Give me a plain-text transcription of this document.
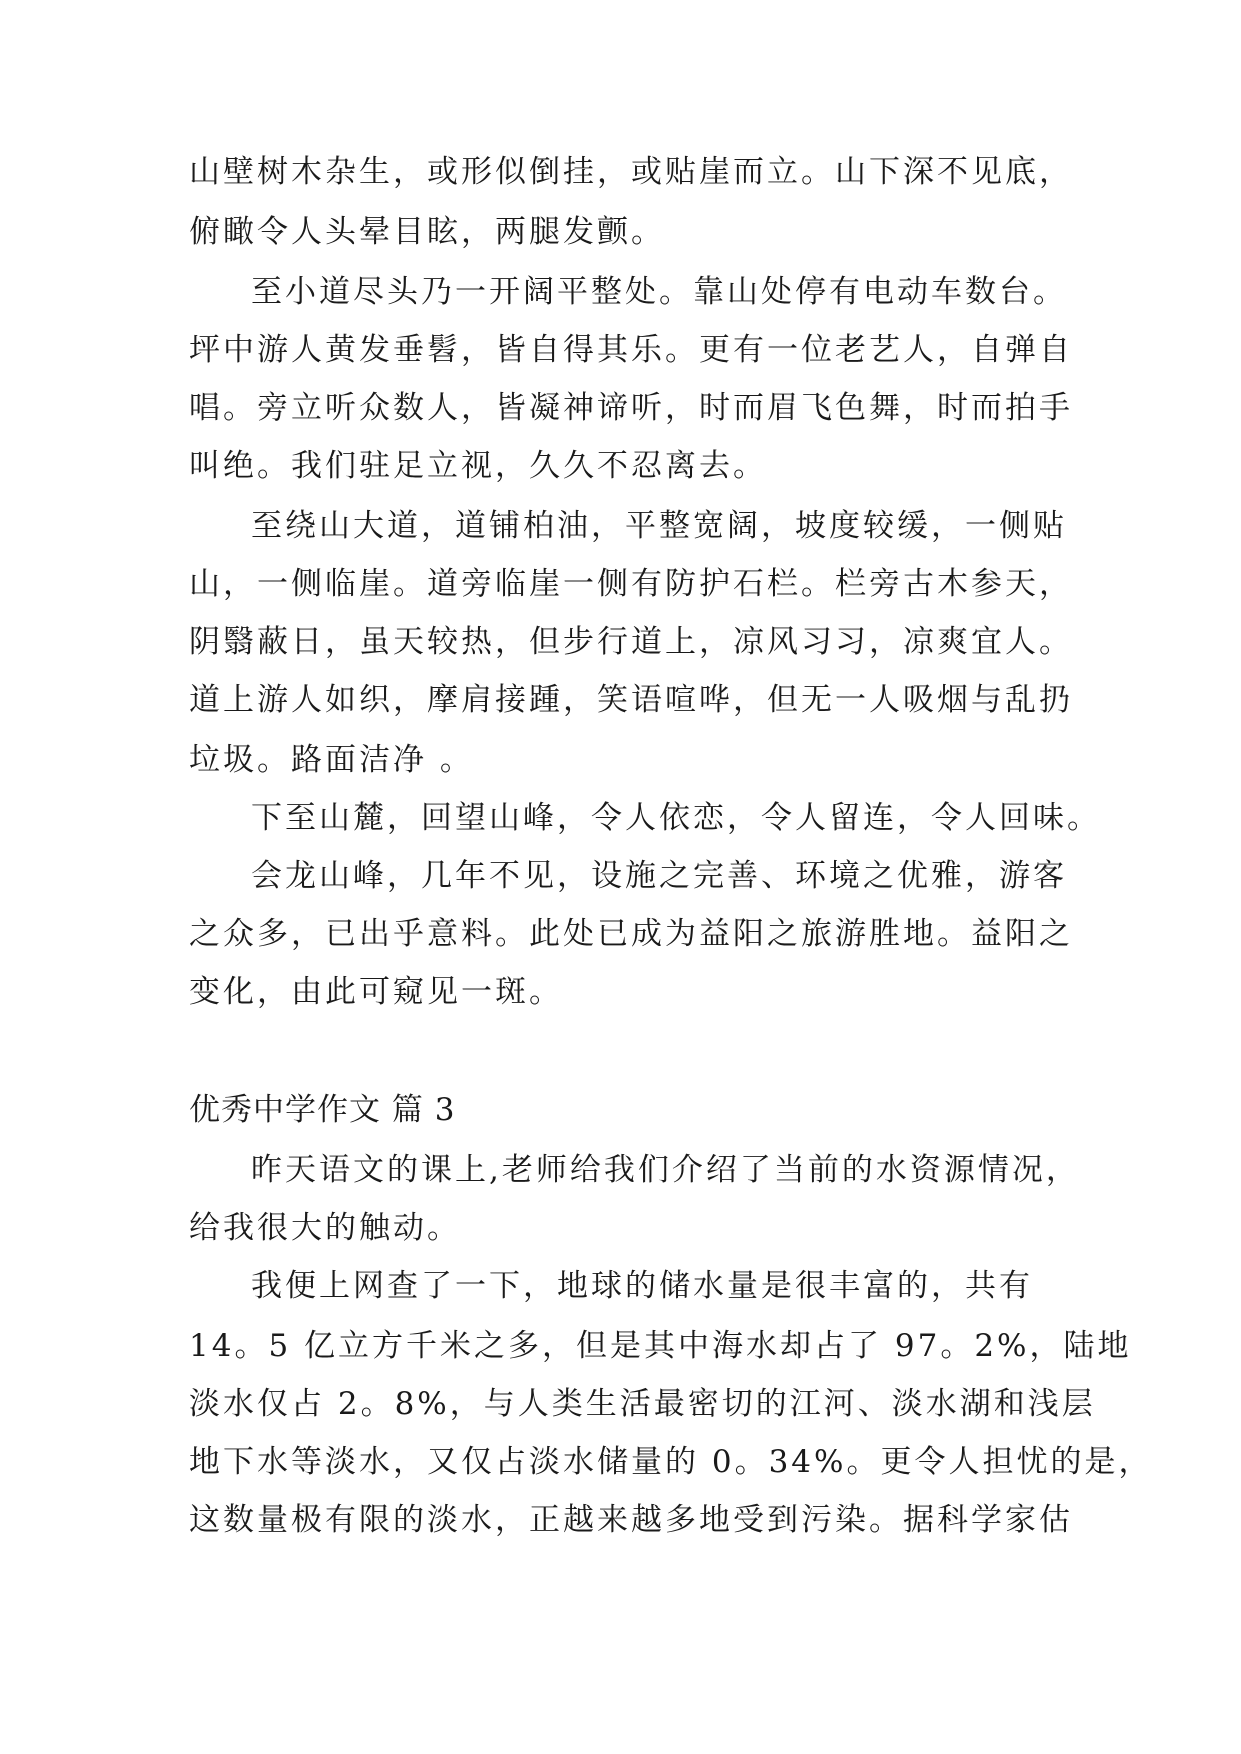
山壁树木杂生，或形似倒挂，或贴崖而立。山下深不见底，
俯瞰令人头晕目眩，两腿发颤。
至小道尽头乃一开阔平整处。靠山处停有电动车数台。
坪中游人黄发垂髫，皆自得其乐。更有一位老艺人，自弹自
唱。旁立听众数人，皆凝神谛听，时而眉飞色舞，时而拍手
叫绝。我们驻足立视，久久不忍离去。
至绕山大道，道铺柏油，平整宽阔，坡度较缓，一侧贴
山，一侧临崖。道旁临崖一侧有防护石栏。栏旁古木参天，
阴翳蔽日，虽天较热，但步行道上，凉风习习，凉爽宜人。
道上游人如织，摩肩接踵，笑语喧哗，但无一人吸烟与乱扔
垃圾。路面洁净 。
下至山麓，回望山峰，令人依恋，令人留连，令人回味。
会龙山峰，几年不见，设施之完善、环境之优雅，游客
之众多，已出乎意料。此处已成为益阳之旅游胜地。益阳之
变化，由此可窥见一斑。
优秀中学作文 篇 3
昨天语文的课上,老师给我们介绍了当前的水资源情况，
给我很大的触动。
我便上网查了一下，地球的储水量是很丰富的，共有
14。5 亿立方千米之多，但是其中海水却占了 97。2%，陆地
淡水仅占 2。8%，与人类生活最密切的江河、淡水湖和浅层
地下水等淡水，又仅占淡水储量的 0。34%。更令人担忧的是，
这数量极有限的淡水，正越来越多地受到污染。据科学家估
